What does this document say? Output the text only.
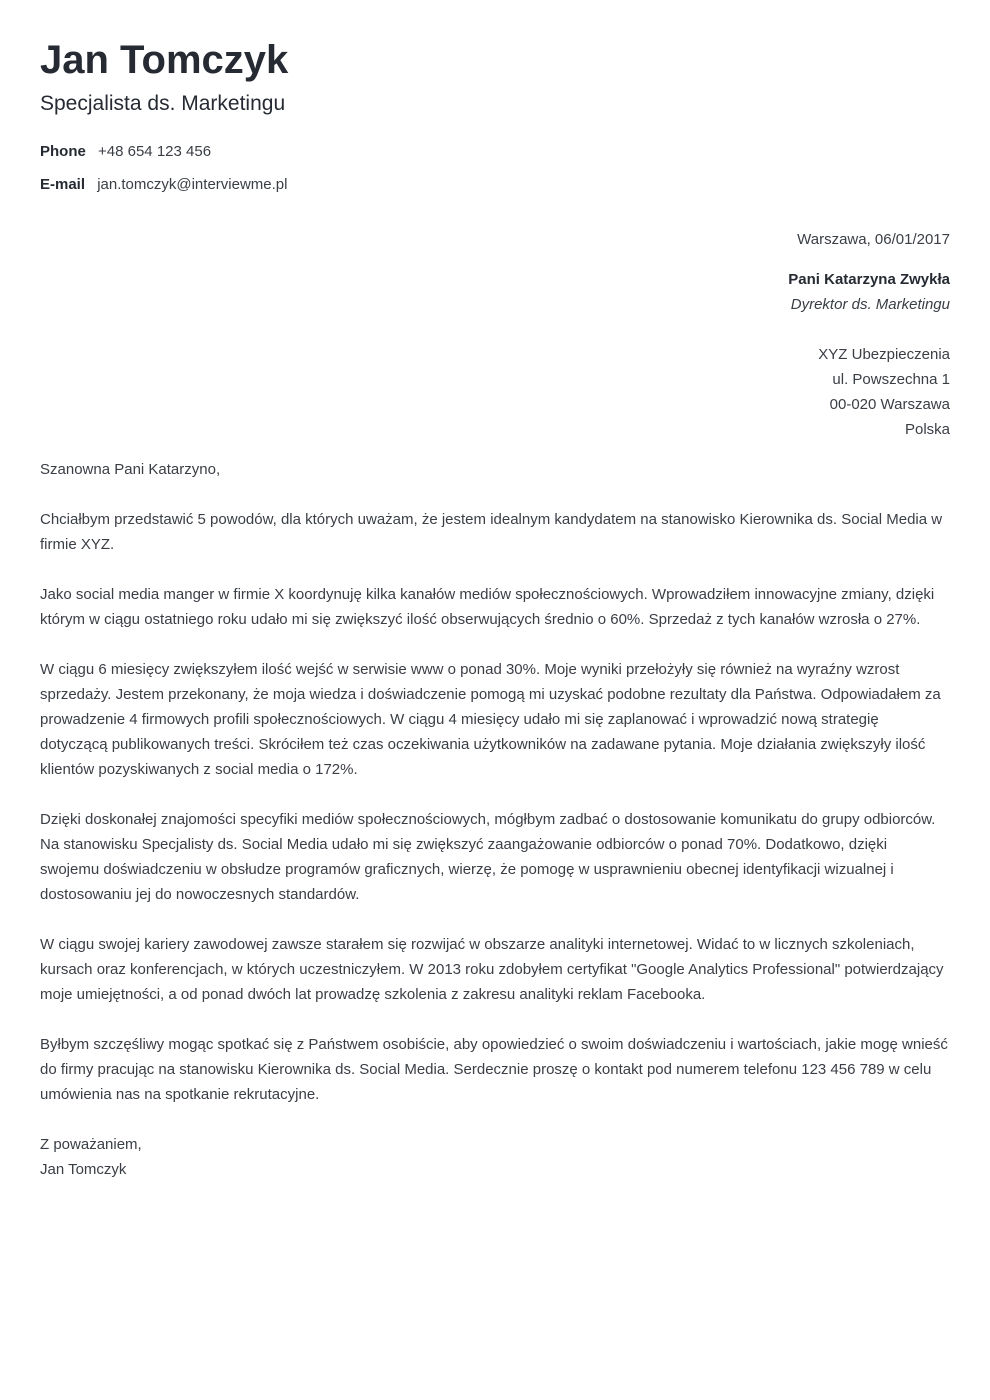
Jan Tomczyk
Specjalista ds. Marketingu
Phone +48 654 123 456
E-mail jan.tomczyk@interviewme.pl
Warszawa, 06/01/2017
Pani Katarzyna Zwykła
Dyrektor ds. Marketingu
XYZ Ubezpieczenia
ul. Powszechna 1
00-020 Warszawa
Polska

Szanowna Pani Katarzyno,

Chciałbym przedstawić 5 powodów, dla których uważam, że jestem idealnym kandydatem na stanowisko Kierownika ds. Social Media w firmie XYZ.

Jako social media manger w firmie X koordynuję kilka kanałów mediów społecznościowych. Wprowadziłem innowacyjne zmiany, dzięki którym w ciągu ostatniego roku udało mi się zwiększyć ilość obserwujących średnio o 60%. Sprzedaż z tych kanałów wzrosła o 27%.

W ciągu 6 miesięcy zwiększyłem ilość wejść w serwisie www o ponad 30%. Moje wyniki przełożyły się również na wyraźny wzrost sprzedaży. Jestem przekonany, że moja wiedza i doświadczenie pomogą mi uzyskać podobne rezultaty dla Państwa. Odpowiadałem za prowadzenie 4 firmowych profili społecznościowych. W ciągu 4 miesięcy udało mi się zaplanować i wprowadzić nową strategię dotyczącą publikowanych treści. Skróciłem też czas oczekiwania użytkowników na zadawane pytania. Moje działania zwiększyły ilość klientów pozyskiwanych z social media o 172%.

Dzięki doskonałej znajomości specyfiki mediów społecznościowych, mógłbym zadbać o dostosowanie komunikatu do grupy odbiorców. Na stanowisku Specjalisty ds. Social Media udało mi się zwiększyć zaangażowanie odbiorców o ponad 70%. Dodatkowo, dzięki swojemu doświadczeniu w obsłudze programów graficznych, wierzę, że pomogę w usprawnieniu obecnej identyfikacji wizualnej i dostosowaniu jej do nowoczesnych standardów.

W ciągu swojej kariery zawodowej zawsze starałem się rozwijać w obszarze analityki internetowej. Widać to w licznych szkoleniach, kursach oraz konferencjach, w których uczestniczyłem. W 2013 roku zdobyłem certyfikat "Google Analytics Professional" potwierdzający moje umiejętności, a od ponad dwóch lat prowadzę szkolenia z zakresu analityki reklam Facebooka.

Byłbym szczęśliwy mogąc spotkać się z Państwem osobiście, aby opowiedzieć o swoim doświadczeniu i wartościach, jakie mogę wnieść do firmy pracując na stanowisku Kierownika ds. Social Media. Serdecznie proszę o kontakt pod numerem telefonu 123 456 789 w celu umówienia nas na spotkanie rekrutacyjne.

Z poważaniem,
Jan Tomczyk
